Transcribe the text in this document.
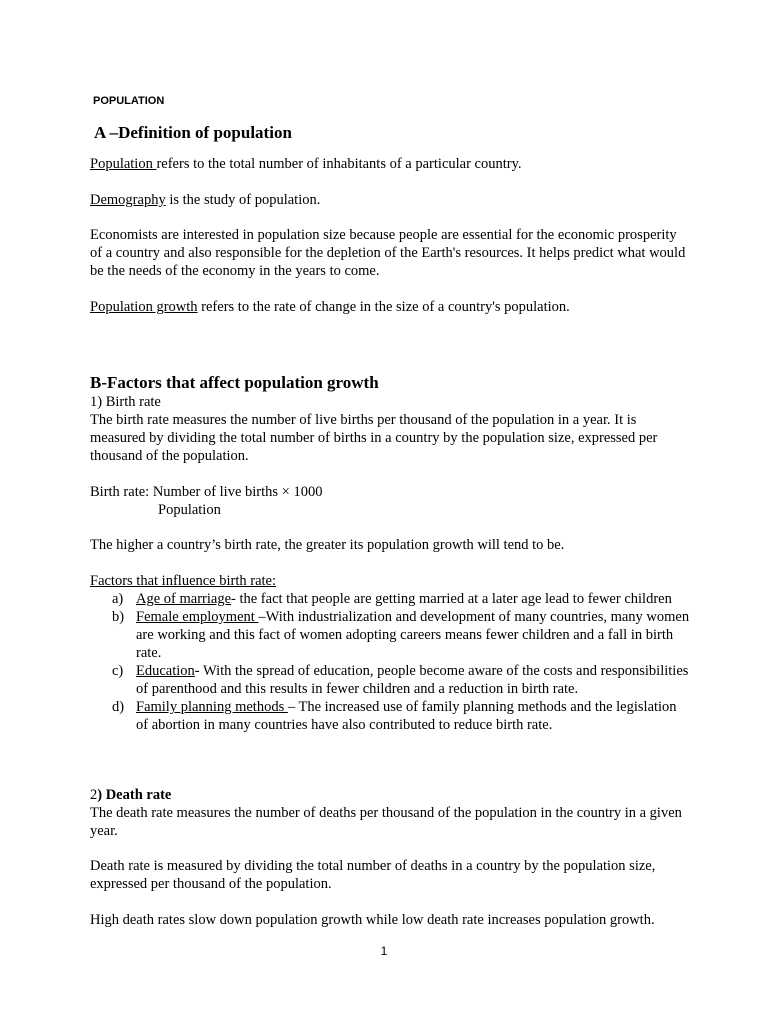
POPULATION
A –Definition of population
Population refers to the total number of inhabitants of a particular country.
Demography is the study of population.
Economists are interested in population size because people are essential for the economic prosperity of a country and also responsible for the depletion of the Earth's resources. It helps predict what would be the needs of the economy in the years to come.
Population growth refers to the rate of change in the size of a country's population.
B-Factors that affect population growth
1) Birth rate
The birth rate measures the number of live births per thousand of the population in a year. It is measured by dividing the total number of births in a country by the population size, expressed per thousand of the population.
Birth rate: Number of live births × 1000
Population
The higher a country’s birth rate, the greater its population growth will tend to be.
Factors that influence birth rate:
a) Age of marriage- the fact that people are getting married at a later age lead to fewer children
b) Female employment –With industrialization and development of many countries, many women are working and this fact of women adopting careers means fewer children and a fall in birth rate.
c) Education- With the spread of education, people become aware of the costs and responsibilities of parenthood and this results in fewer children and a reduction in birth rate.
d) Family planning methods – The increased use of family planning methods and the legislation of abortion in many countries have also contributed to reduce birth rate.
2) Death rate
The death rate measures the number of deaths per thousand of the population in the country in a given year.
Death rate is measured by dividing the total number of deaths in a country by the population size, expressed per thousand of the population.
High death rates slow down population growth while low death rate increases population growth.
1
